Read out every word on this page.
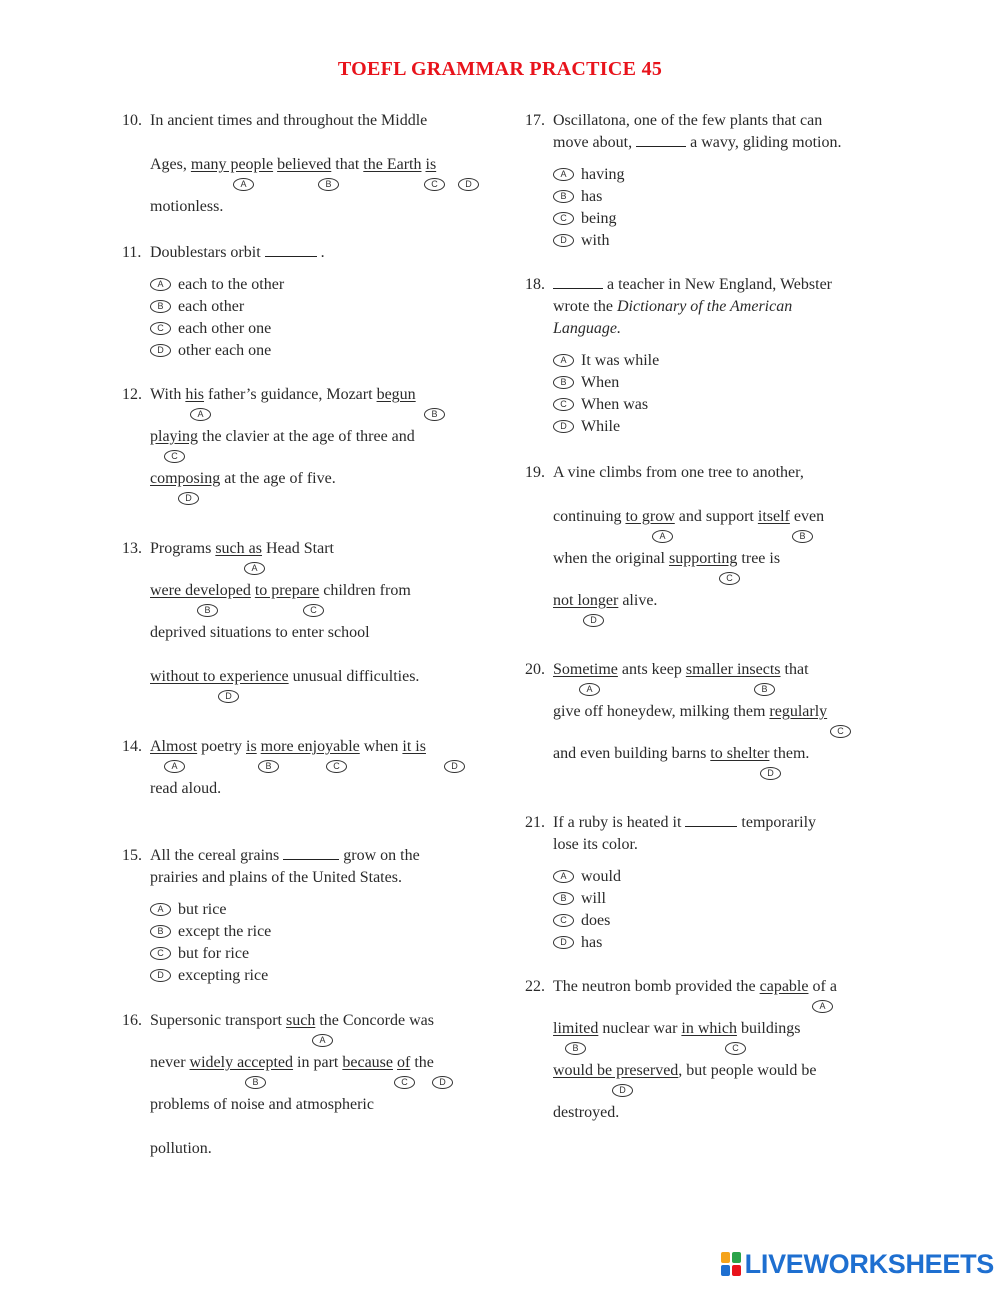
TOEFL GRAMMAR PRACTICE 45
10. In ancient times and throughout the Middle
Ages, many people believed that the Earth is
A	B	C	D
motionless.
11. Doublestars orbit	.
A each to the other
B each other
C each other one
D other each one
12. With his father’s guidance, Mozart begun
A	B
playing the clavier at the age of three and
C
composing at the age of five.
D
13. Programs such as Head Start
A
were developed to prepare children from
B	C
deprived situations to enter school
without to experience unusual difficulties.
D
14. Almost poetry is more enjoyable when it is
A	B	C	D
read aloud.
15. All the cereal grains	grow on the
prairies and plains of the United States.
A but rice
B except the rice
C but for rice
D excepting rice
16. Supersonic transport such the Concorde was
A
never widely accepted in part because of the
B	C	D
problems of noise and atmospheric
pollution.
17. Oscillatona, one of the few plants that can
move about,	a wavy, gliding motion.
A having
B has
C being
D with
18.	a teacher in New England, Webster
wrote the Dictionary of the American
Language.
A It was while
B When
C When was
D While
19. A vine climbs from one tree to another,
continuing to grow and support itself even
A	B
when the original supporting tree is
C
not longer alive.
D
20. Sometime ants keep smaller insects that
A	B
give off honeydew, milking them regularly
C
and even building barns to shelter them.
D
21. If a ruby is heated it	temporarily
lose its color.
A would
B will
C does
D has
22. The neutron bomb provided the capable of a
A
limited nuclear war in which buildings
B	C
would be preserved, but people would be
D
destroyed.
LIVEWORKSHEETS
